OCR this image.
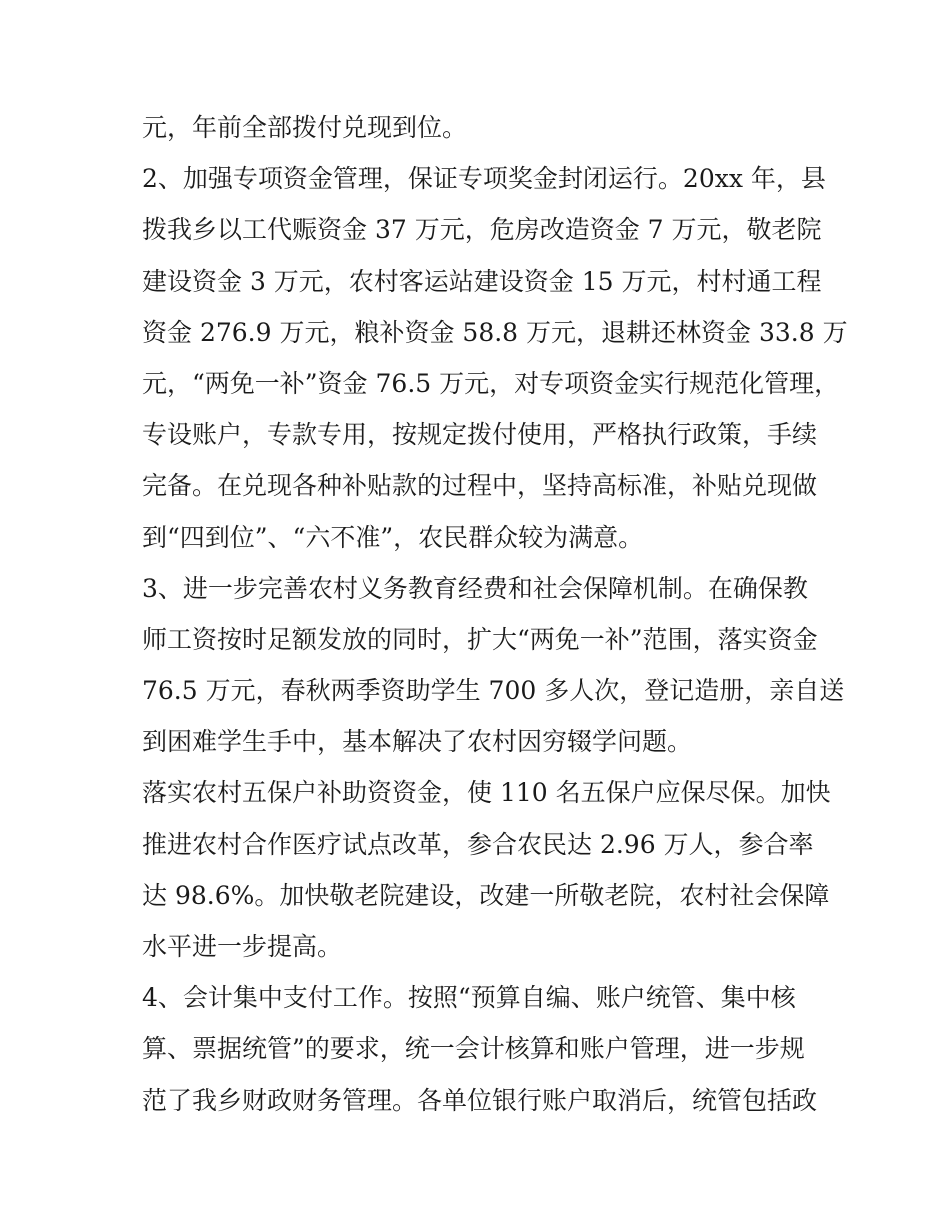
元，年前全部拨付兑现到位。
2、加强专项资金管理，保证专项奖金封闭运行。20xx 年，县
拨我乡以工代赈资金 37 万元，危房改造资金 7 万元，敬老院
建设资金 3 万元，农村客运站建设资金 15 万元，村村通工程
资金 276.9 万元，粮补资金 58.8 万元，退耕还林资金 33.8 万
元，“两免一补”资金 76.5 万元，对专项资金实行规范化管理，
专设账户，专款专用，按规定拨付使用，严格执行政策，手续
完备。在兑现各种补贴款的过程中，坚持高标准，补贴兑现做
到“四到位”、“六不准”，农民群众较为满意。
3、进一步完善农村义务教育经费和社会保障机制。在确保教
师工资按时足额发放的同时，扩大“两免一补”范围，落实资金
76.5 万元，春秋两季资助学生 700 多人次，登记造册，亲自送
到困难学生手中，基本解决了农村因穷辍学问题。
落实农村五保户补助资资金，使 110 名五保户应保尽保。加快
推进农村合作医疗试点改革，参合农民达 2.96 万人，参合率
达 98.6%。加快敬老院建设，改建一所敬老院，农村社会保障
水平进一步提高。
4、会计集中支付工作。按照“预算自编、账户统管、集中核
算、票据统管”的要求，统一会计核算和账户管理，进一步规
范了我乡财政财务管理。各单位银行账户取消后，统管包括政
